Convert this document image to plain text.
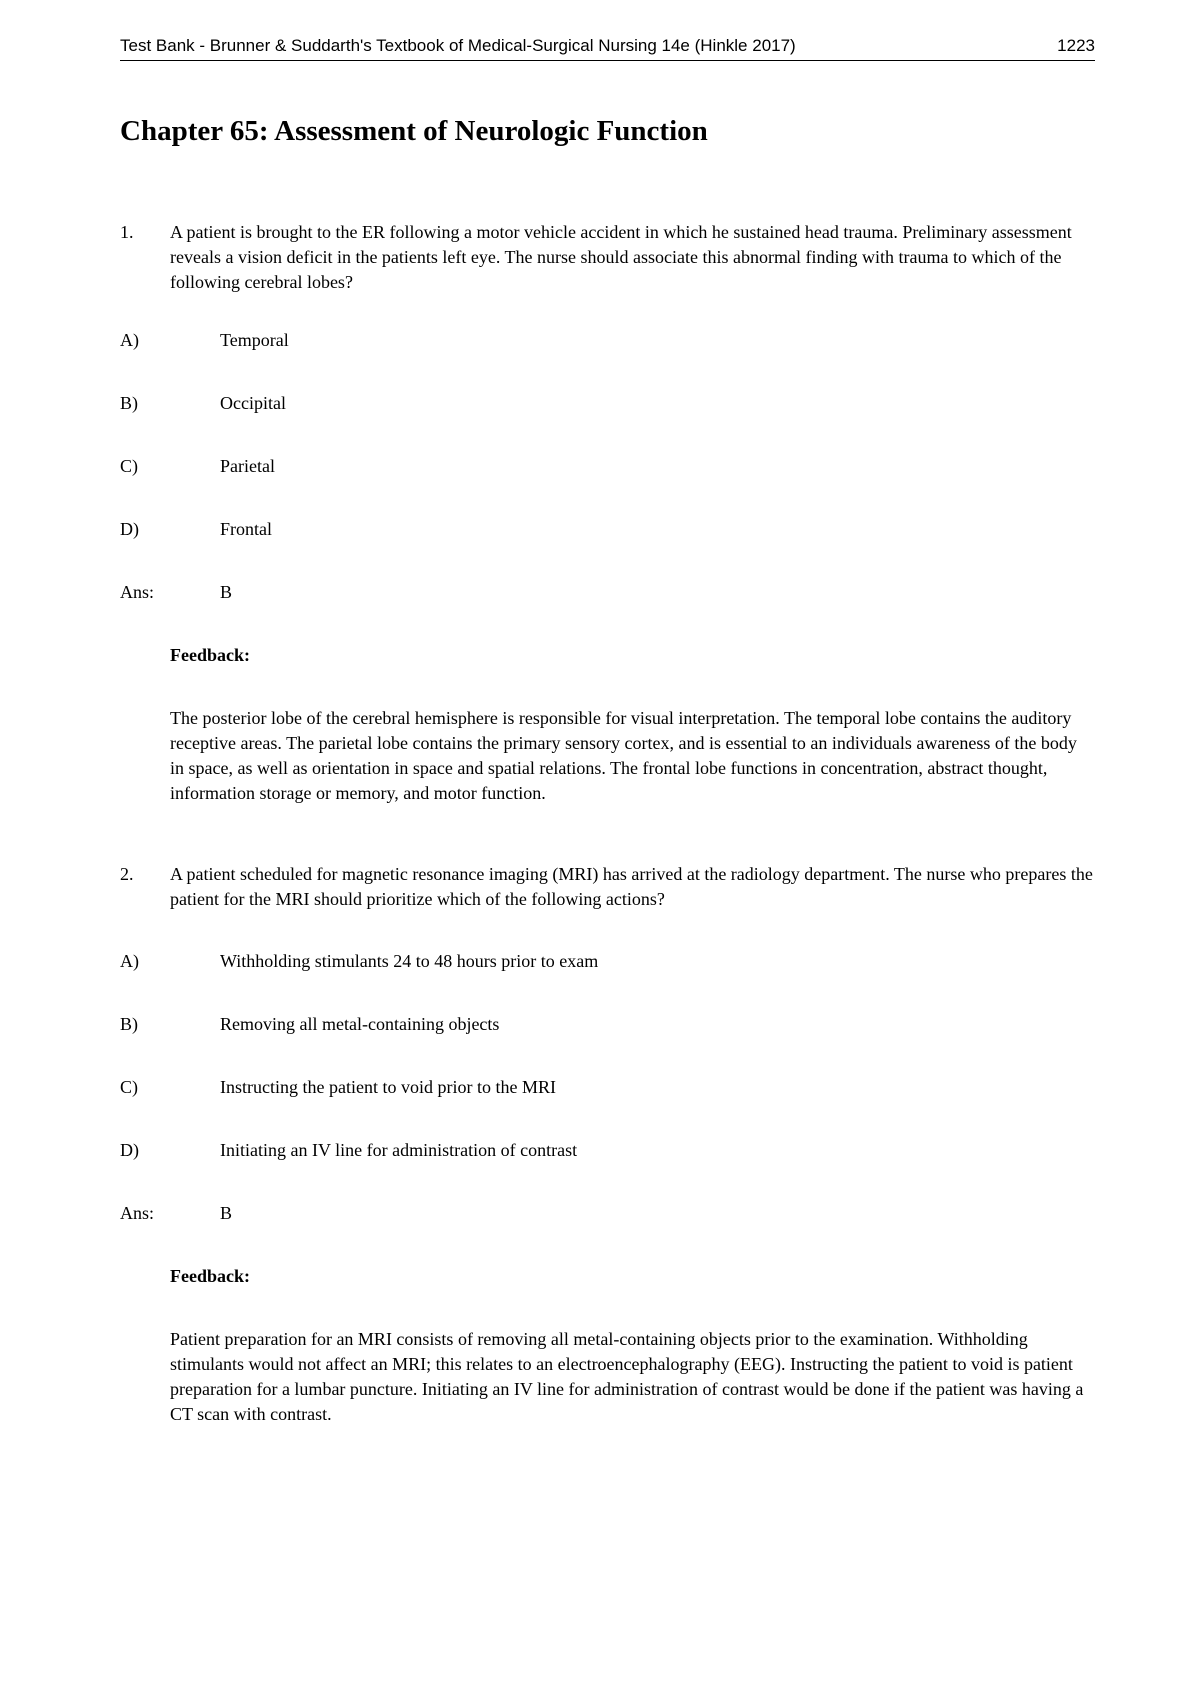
Test Bank - Brunner & Suddarth's Textbook of Medical-Surgical Nursing 14e (Hinkle 2017)	1223
Chapter 65: Assessment of Neurologic Function
1. A patient is brought to the ER following a motor vehicle accident in which he sustained head trauma. Preliminary assessment reveals a vision deficit in the patients left eye. The nurse should associate this abnormal finding with trauma to which of the following cerebral lobes?
A)	Temporal
B)	Occipital
C)	Parietal
D)	Frontal
Ans:	B
Feedback:
The posterior lobe of the cerebral hemisphere is responsible for visual interpretation. The temporal lobe contains the auditory receptive areas. The parietal lobe contains the primary sensory cortex, and is essential to an individuals awareness of the body in space, as well as orientation in space and spatial relations. The frontal lobe functions in concentration, abstract thought, information storage or memory, and motor function.
2. A patient scheduled for magnetic resonance imaging (MRI) has arrived at the radiology department. The nurse who prepares the patient for the MRI should prioritize which of the following actions?
A)	Withholding stimulants 24 to 48 hours prior to exam
B)	Removing all metal-containing objects
C)	Instructing the patient to void prior to the MRI
D)	Initiating an IV line for administration of contrast
Ans:	B
Feedback:
Patient preparation for an MRI consists of removing all metal-containing objects prior to the examination. Withholding stimulants would not affect an MRI; this relates to an electroencephalography (EEG). Instructing the patient to void is patient preparation for a lumbar puncture. Initiating an IV line for administration of contrast would be done if the patient was having a CT scan with contrast.
